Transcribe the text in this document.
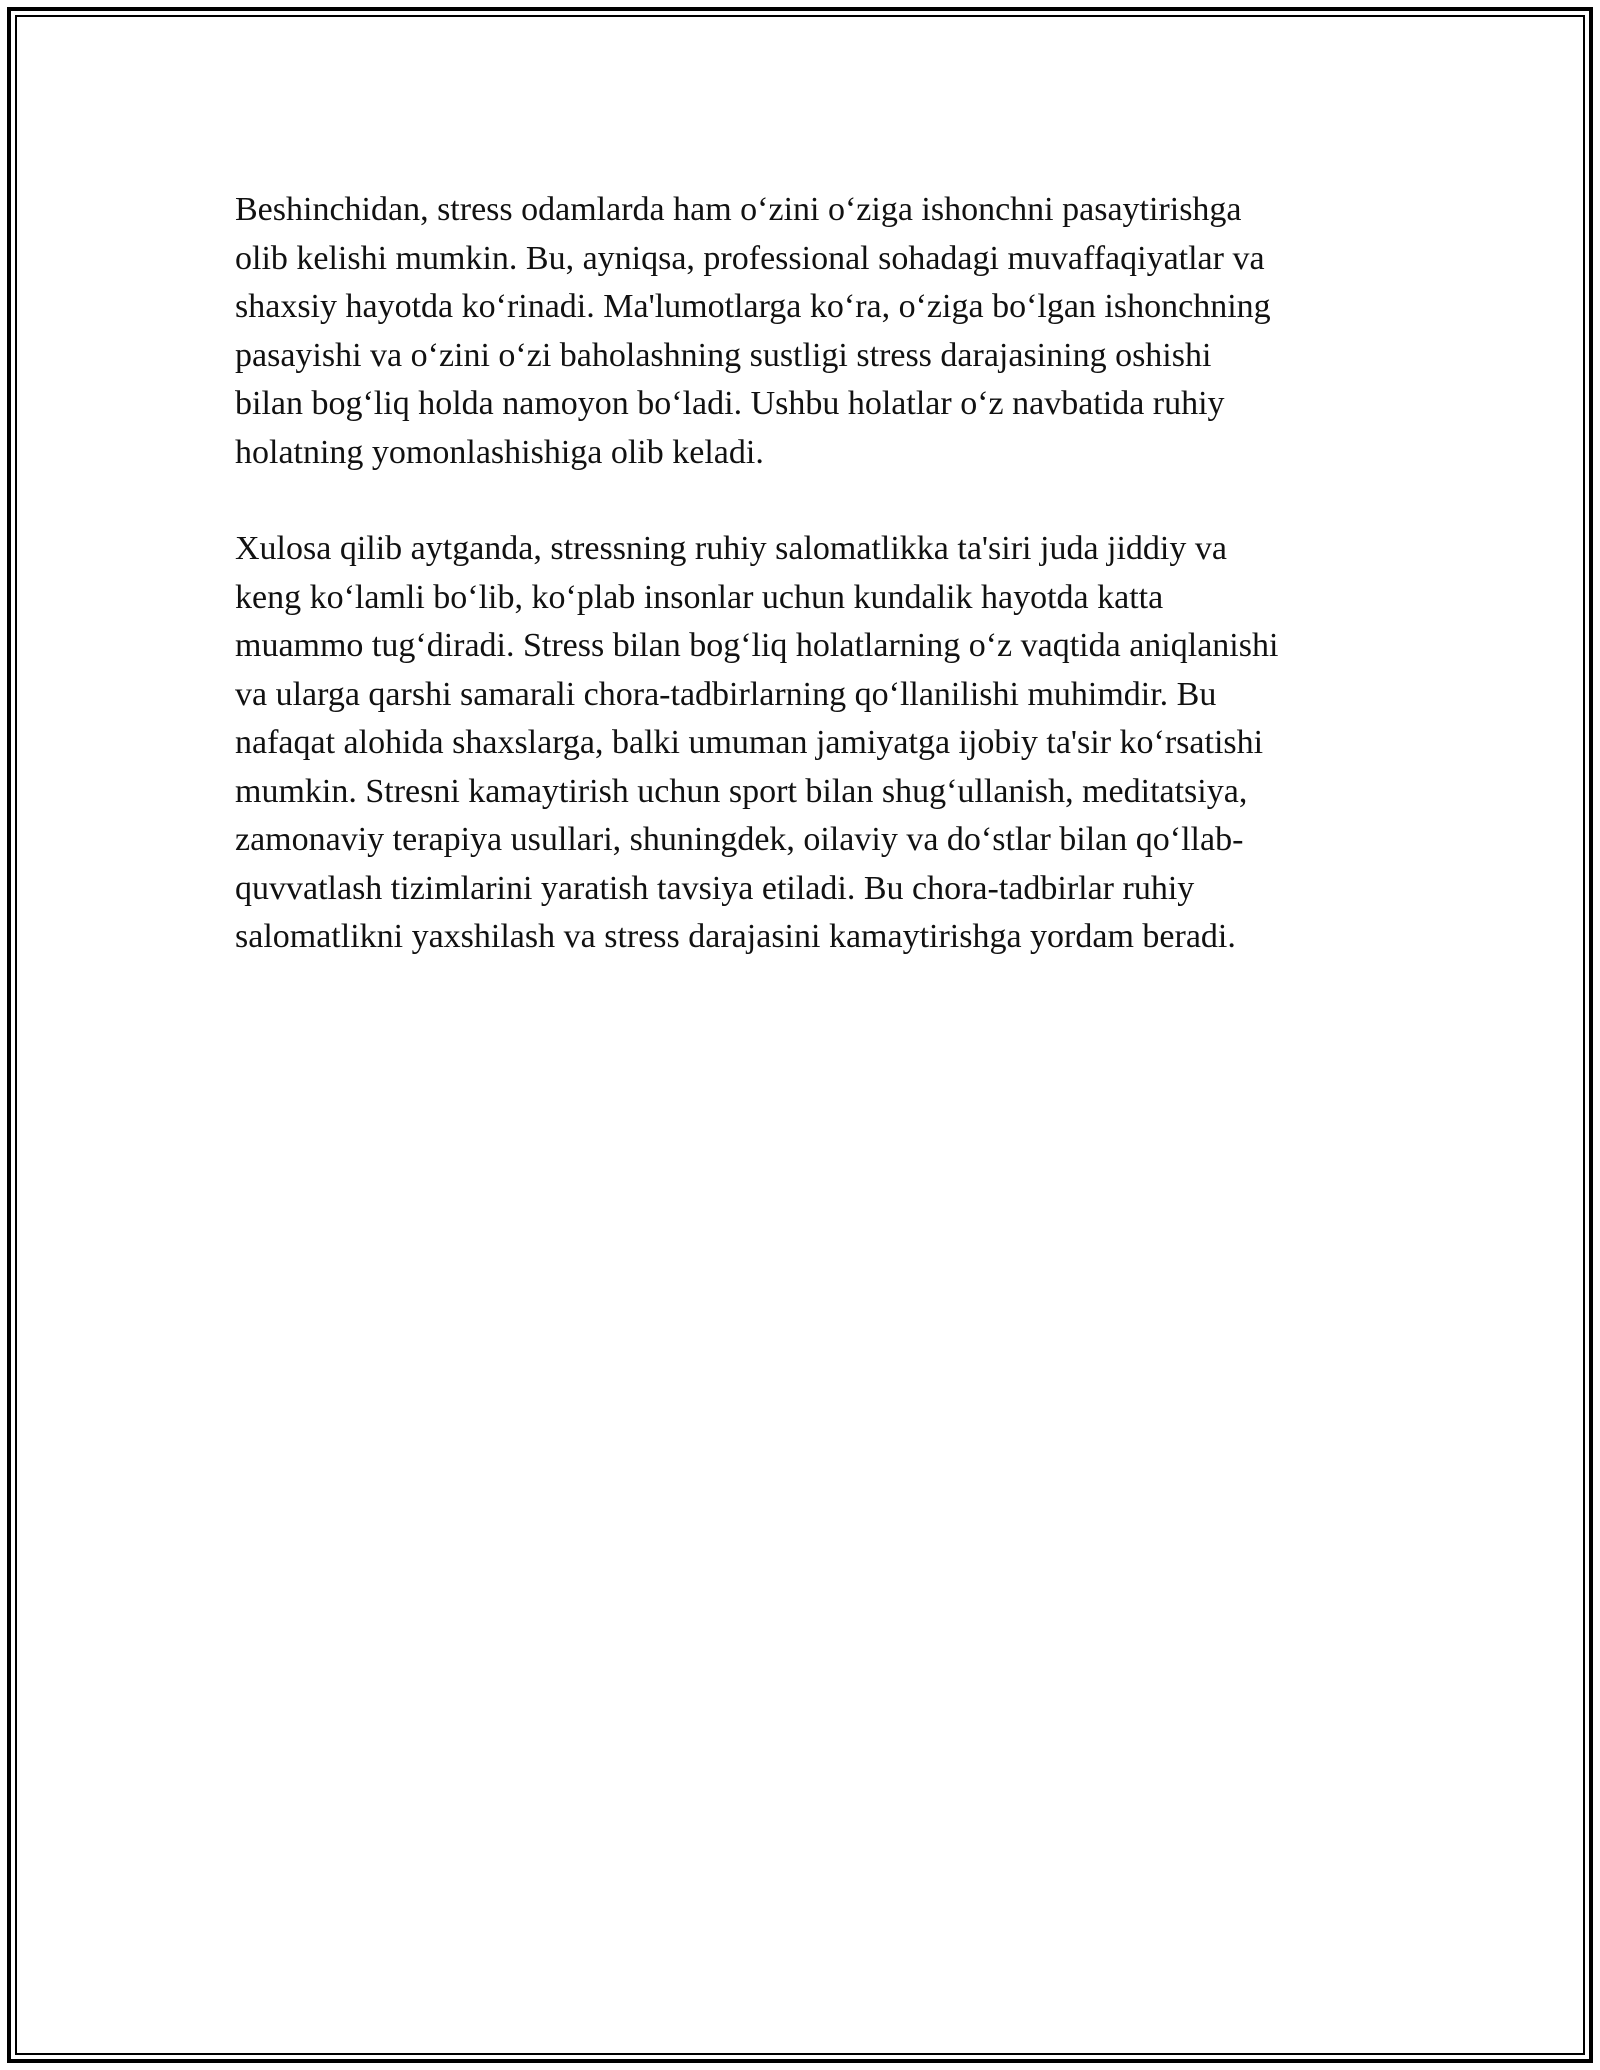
Beshinchidan, stress odamlarda ham o‘zini o‘ziga ishonchni pasaytirishga
olib kelishi mumkin. Bu, ayniqsa, professional sohadagi muvaffaqiyatlar va
shaxsiy hayotda ko‘rinadi. Ma'lumotlarga ko‘ra, o‘ziga bo‘lgan ishonchning
pasayishi va o‘zini o‘zi baholashning sustligi stress darajasining oshishi
bilan bog‘liq holda namoyon bo‘ladi. Ushbu holatlar o‘z navbatida ruhiy
holatning yomonlashishiga olib keladi.

Xulosa qilib aytganda, stressning ruhiy salomatlikka ta'siri juda jiddiy va
keng ko‘lamli bo‘lib, ko‘plab insonlar uchun kundalik hayotda katta
muammo tug‘diradi. Stress bilan bog‘liq holatlarning o‘z vaqtida aniqlanishi
va ularga qarshi samarali chora-tadbirlarning qo‘llanilishi muhimdir. Bu
nafaqat alohida shaxslarga, balki umuman jamiyatga ijobiy ta'sir ko‘rsatishi
mumkin. Stresni kamaytirish uchun sport bilan shug‘ullanish, meditatsiya,
zamonaviy terapiya usullari, shuningdek, oilaviy va do‘stlar bilan qo‘llab-
quvvatlash tizimlarini yaratish tavsiya etiladi. Bu chora-tadbirlar ruhiy
salomatlikni yaxshilash va stress darajasini kamaytirishga yordam beradi.
